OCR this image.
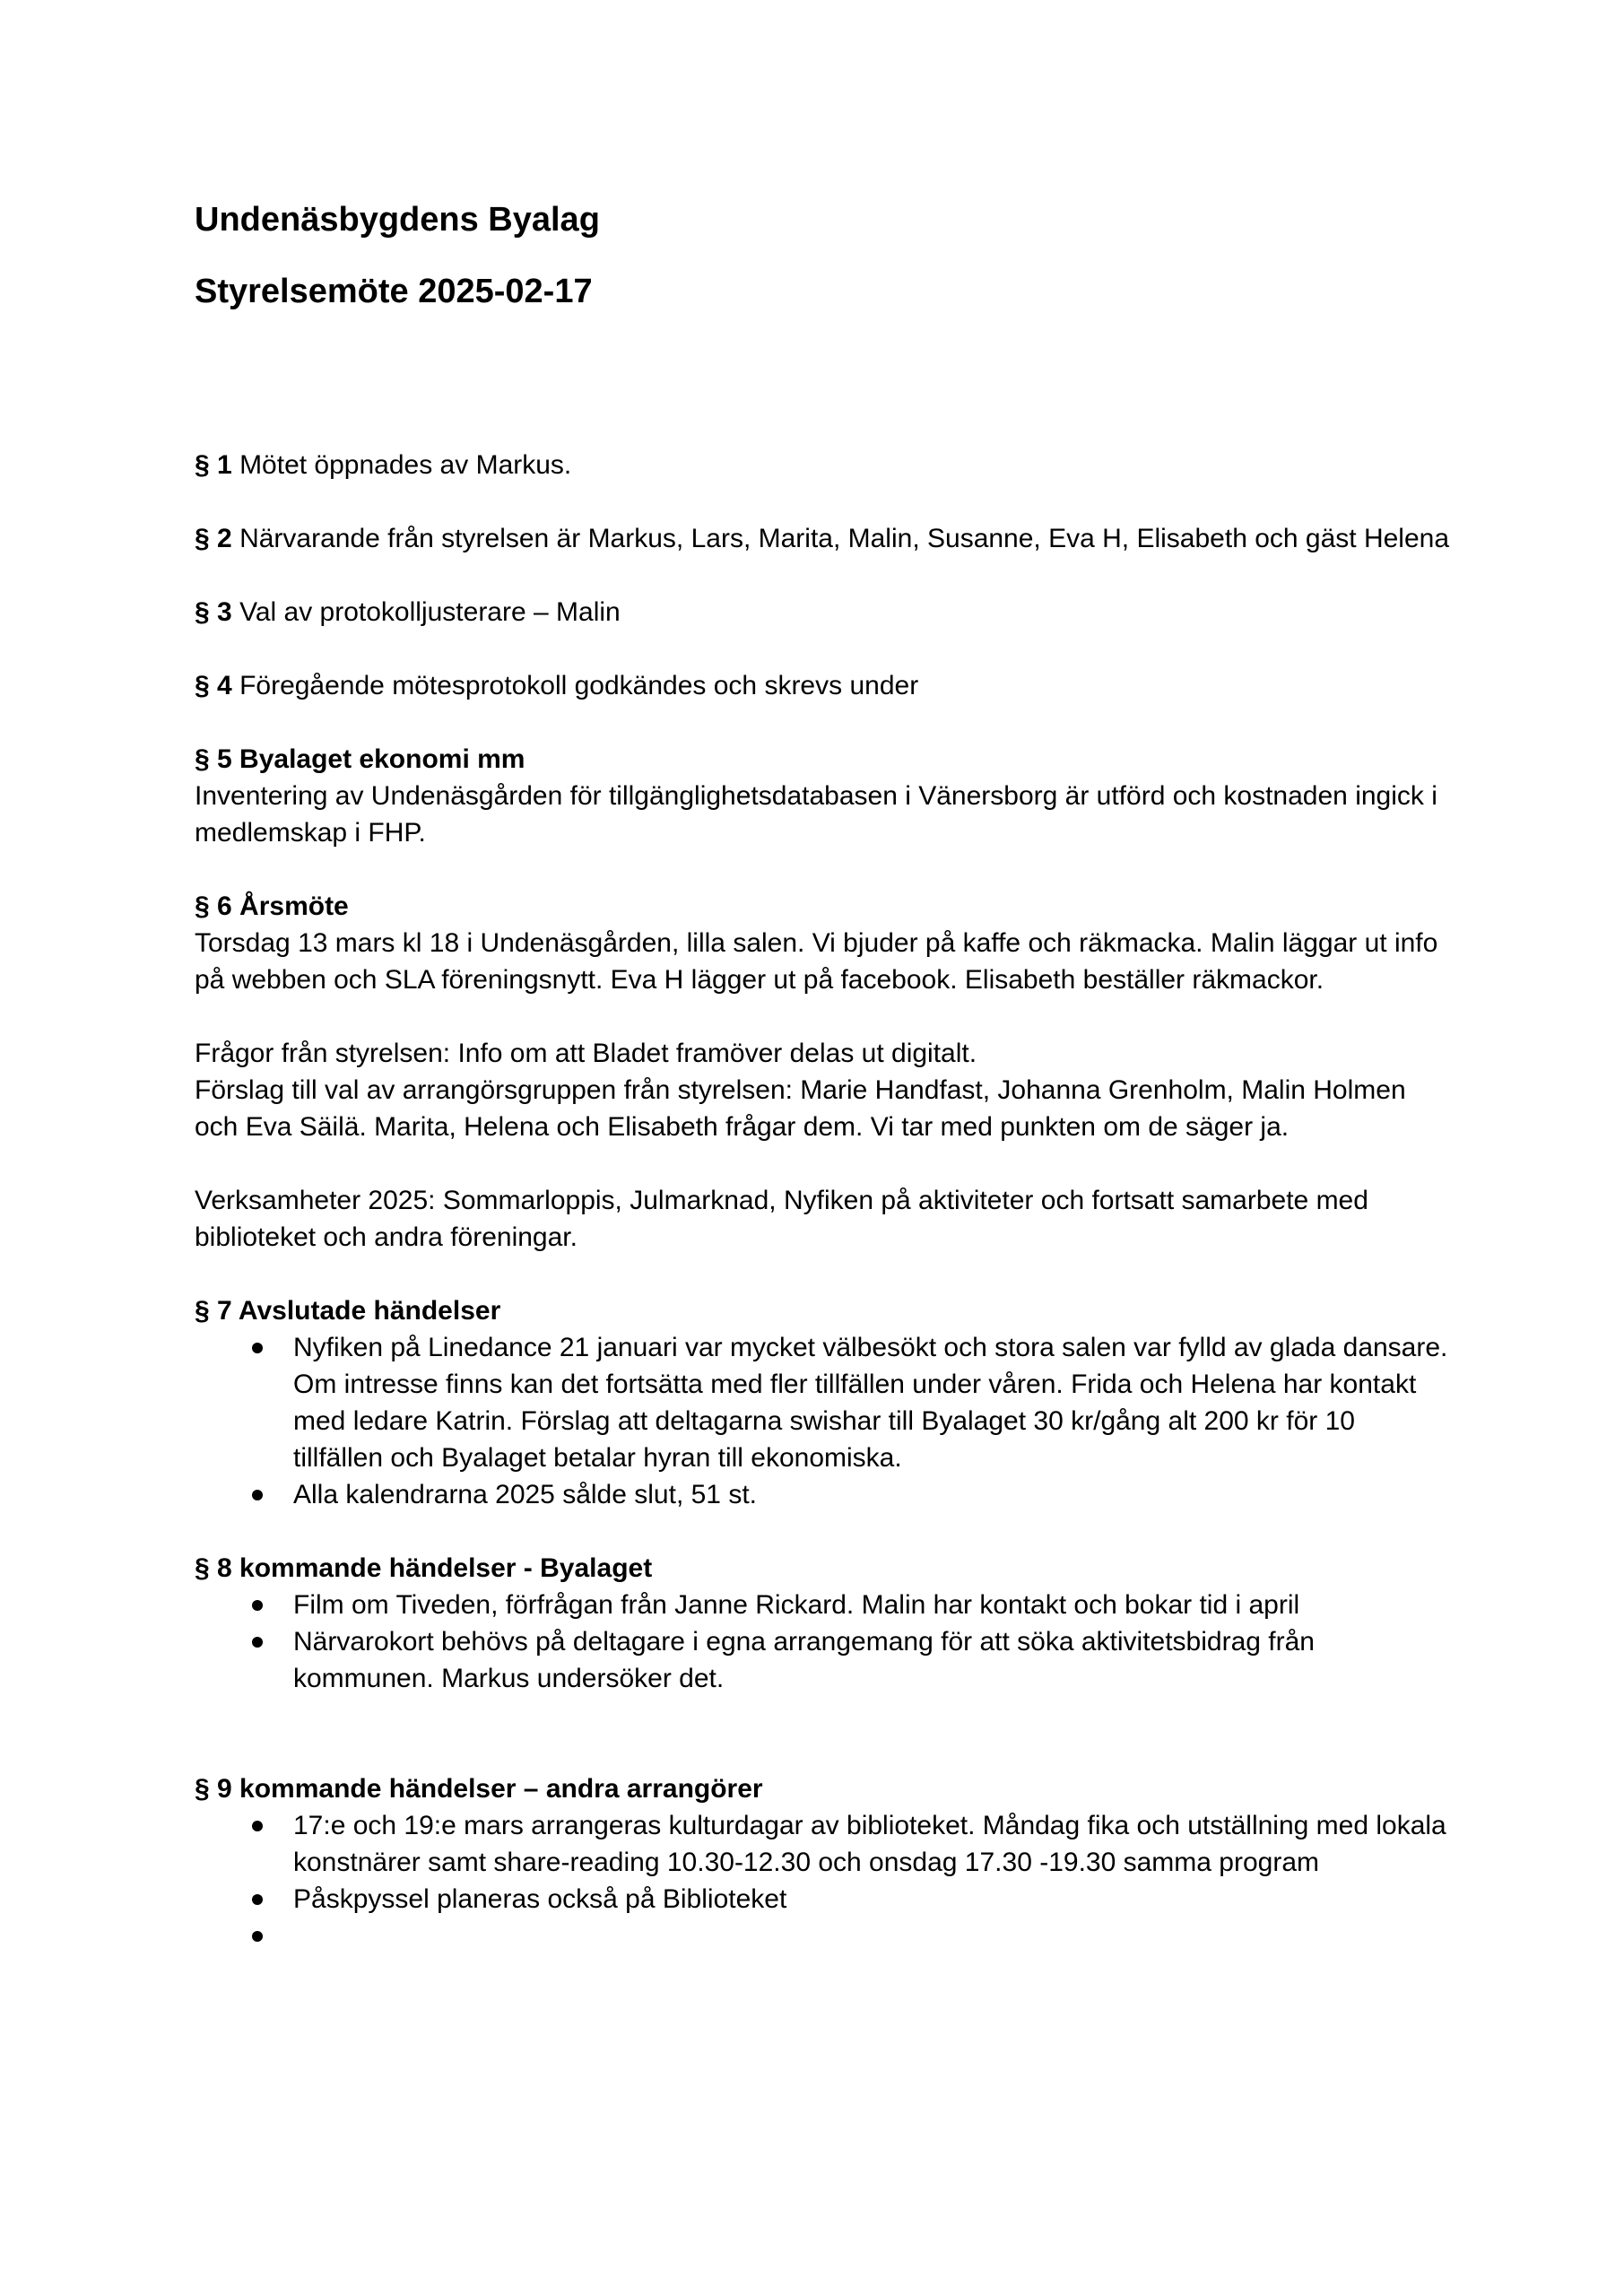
Undenäsbygdens Byalag
Styrelsemöte 2025-02-17

§ 1 Mötet öppnades av Markus.

§ 2 Närvarande från styrelsen är Markus, Lars, Marita, Malin, Susanne, Eva H, Elisabeth och gäst Helena

§ 3 Val av protokolljusterare – Malin

§ 4 Föregående mötesprotokoll godkändes och skrevs under

§ 5 Byalaget ekonomi mm

Inventering av Undenäsgården för tillgänglighetsdatabasen i Vänersborg är utförd och kostnaden ingick i medlemskap i FHP.

§ 6 Årsmöte

Torsdag 13 mars kl 18 i Undenäsgården, lilla salen. Vi bjuder på kaffe och räkmacka. Malin läggar ut info på webben och SLA föreningsnytt. Eva H lägger ut på facebook. Elisabeth beställer räkmackor.

Frågor från styrelsen: Info om att Bladet framöver delas ut digitalt.

Förslag till val av arrangörsgruppen från styrelsen: Marie Handfast, Johanna Grenholm, Malin Holmen och Eva Säilä. Marita, Helena och Elisabeth frågar dem. Vi tar med punkten om de säger ja.

Verksamheter 2025: Sommarloppis, Julmarknad, Nyfiken på aktiviteter och fortsatt samarbete med biblioteket och andra föreningar.

§ 7 Avslutade händelser
Nyfiken på Linedance 21 januari var mycket välbesökt och stora salen var fylld av glada dansare. Om intresse finns kan det fortsätta med fler tillfällen under våren. Frida och Helena har kontakt med ledare Katrin. Förslag att deltagarna swishar till Byalaget 30 kr/gång alt 200 kr för 10 tillfällen och Byalaget betalar hyran till ekonomiska.
Alla kalendrarna 2025 sålde slut, 51 st.
§ 8 kommande händelser - Byalaget
Film om Tiveden, förfrågan från Janne Rickard. Malin har kontakt och bokar tid i april
Närvarokort behövs på deltagare i egna arrangemang för att söka aktivitetsbidrag från kommunen. Markus undersöker det.
§ 9 kommande händelser – andra arrangörer
17:e och 19:e mars arrangeras kulturdagar av biblioteket. Måndag fika och utställning med lokala konstnärer samt share-reading 10.30-12.30 och onsdag 17.30 -19.30 samma program
Påskpyssel planeras också på Biblioteket
